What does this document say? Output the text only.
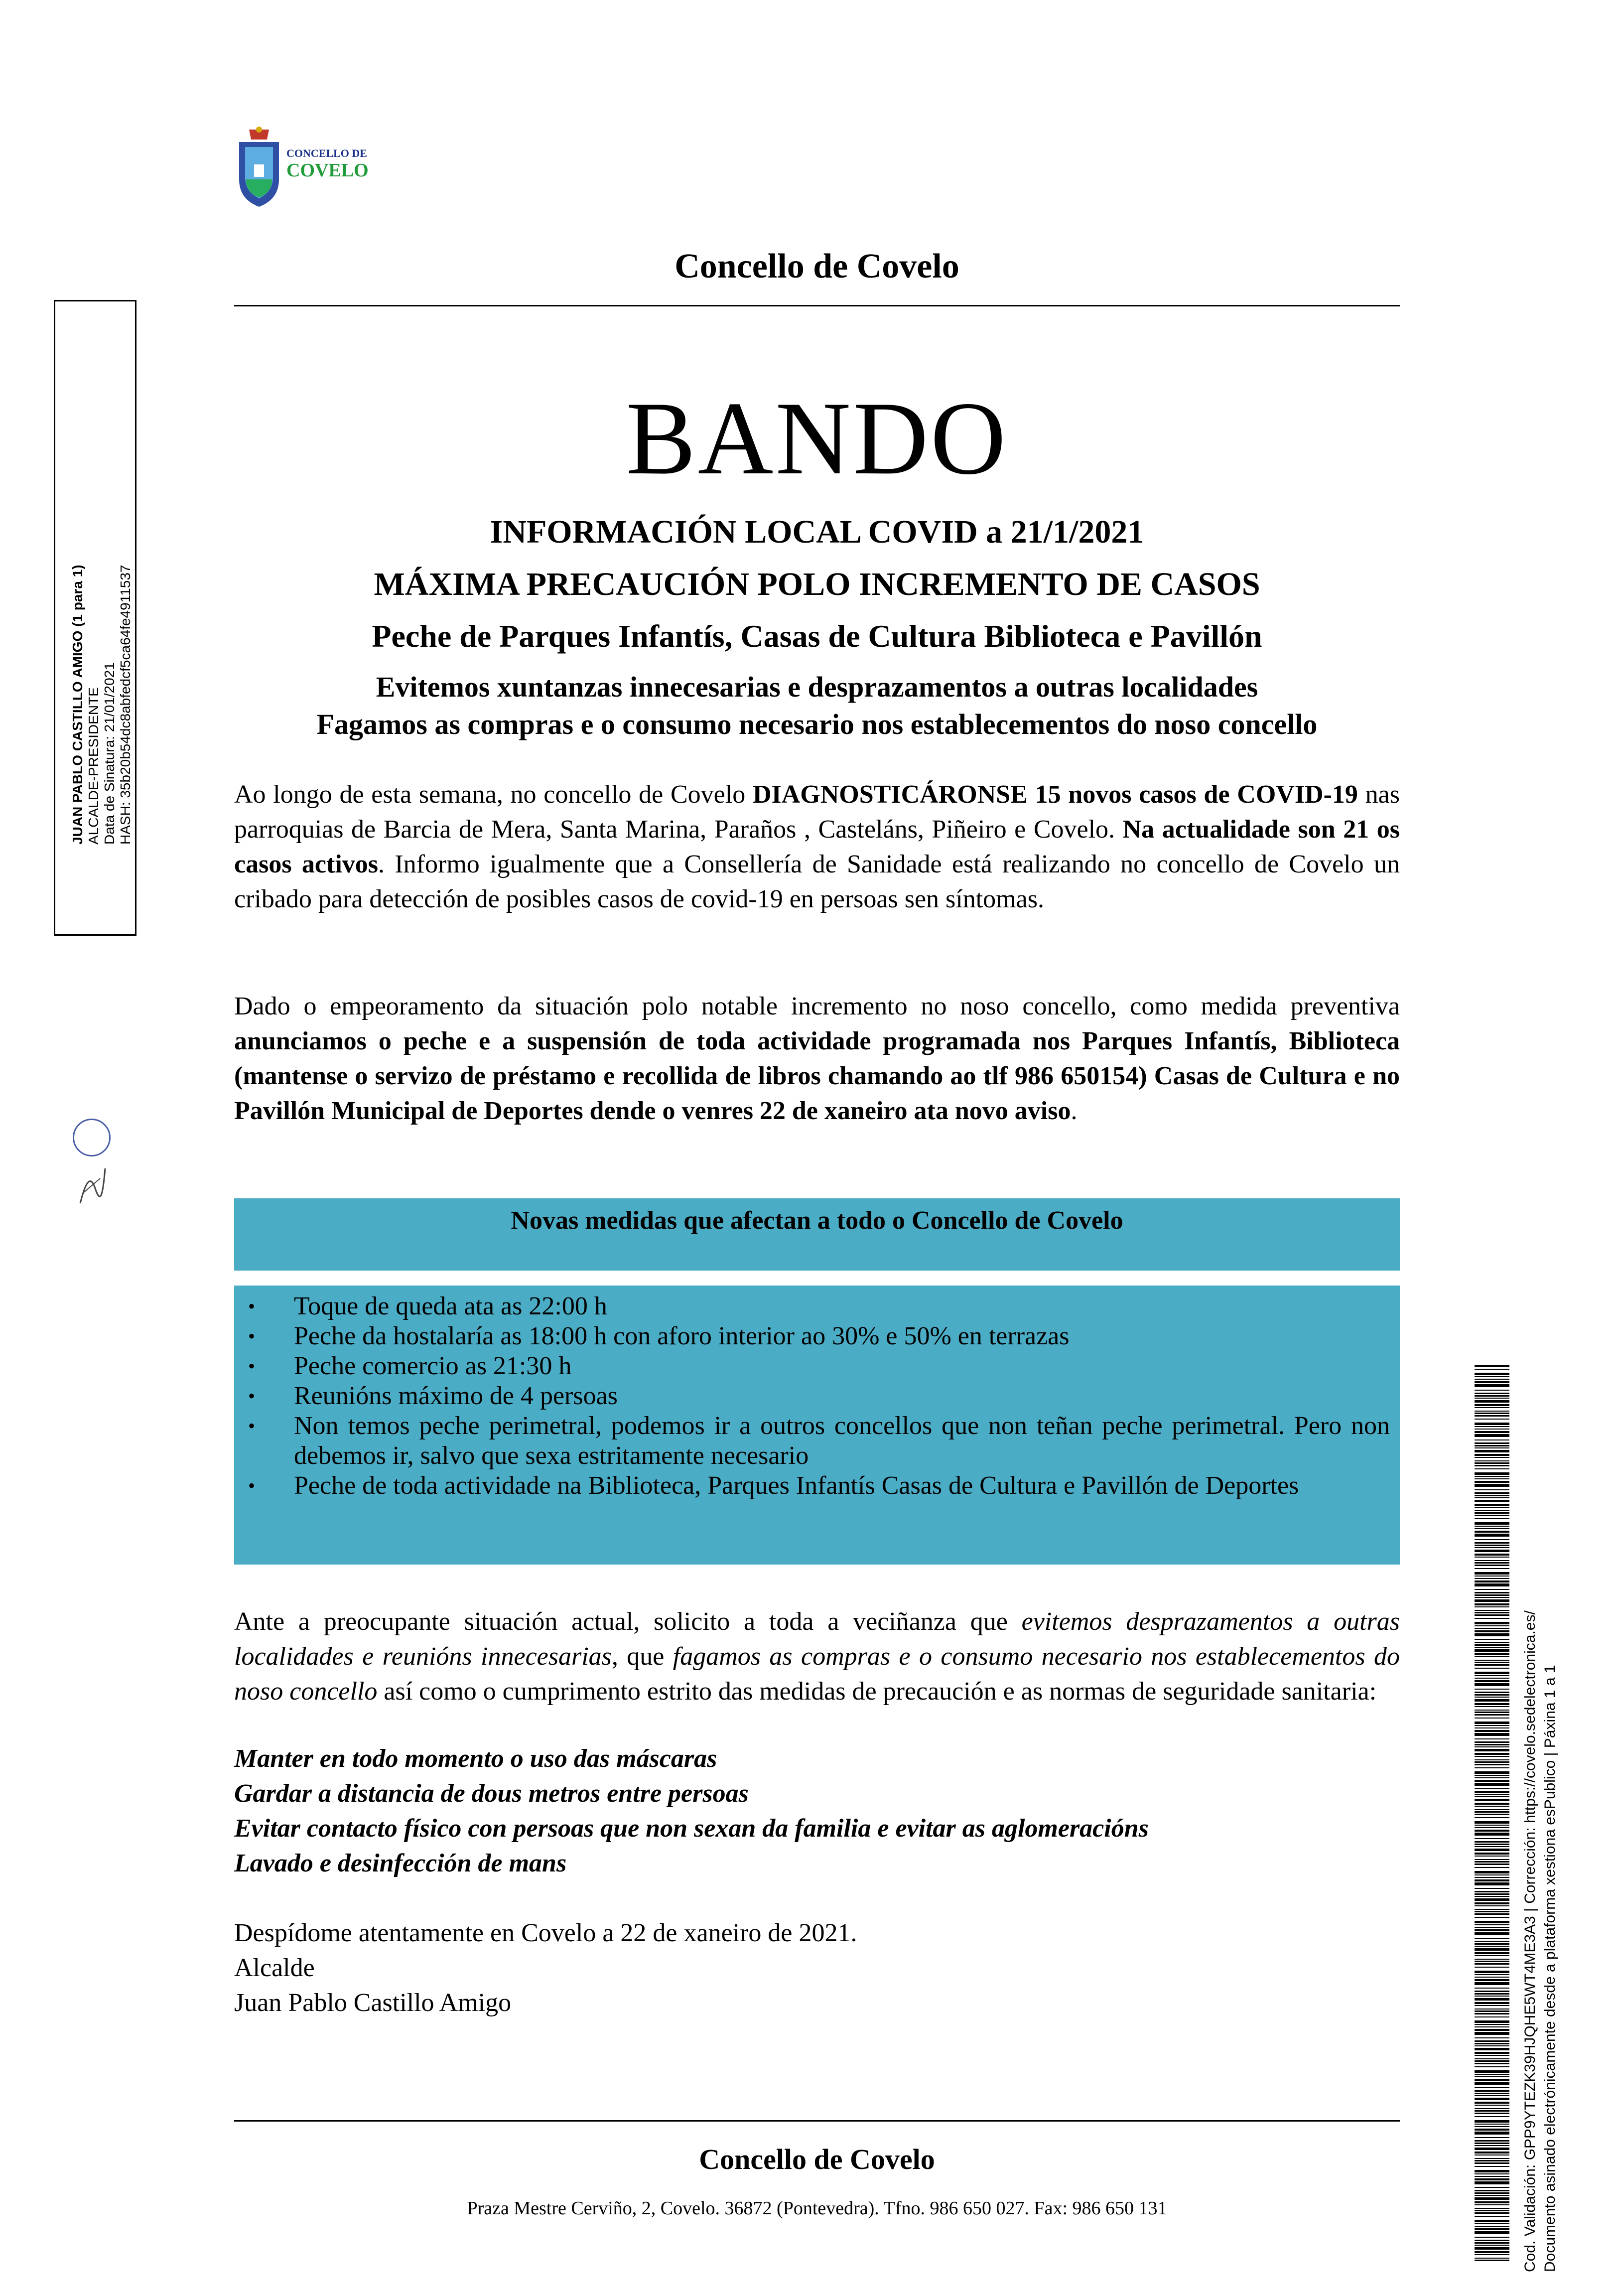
CONCELLO DE
COVELO
Concello de Covelo
BANDO
INFORMACIÓN LOCAL COVID a 21/1/2021
MÁXIMA PRECAUCIÓN POLO INCREMENTO DE CASOS
Peche de Parques Infantís, Casas de Cultura Biblioteca e Pavillón
Evitemos xuntanzas innecesarias e desprazamentos a outras localidades
Fagamos as compras e o consumo necesario nos establecementos do noso concello
Ao longo de esta semana, no concello de Covelo DIAGNOSTICÁRONSE 15 novos casos de COVID-19 nas parroquias de Barcia de Mera, Santa Marina, Paraños , Casteláns, Piñeiro e Covelo. Na actualidade son 21 os casos activos. Informo igualmente que a Consellería de Sanidade está realizando no concello de Covelo un cribado para detección de posibles casos de covid-19 en persoas sen síntomas.
Dado o empeoramento da situación polo notable incremento no noso concello, como medida preventiva anunciamos o peche e a suspensión de toda actividade programada nos Parques Infantís, Biblioteca (mantense o servizo de préstamo e recollida de libros chamando ao tlf 986 650154) Casas de Cultura e no Pavillón Municipal de Deportes dende o venres 22 de xaneiro ata novo aviso.
Novas medidas que afectan a todo o Concello de Covelo
• Toque de queda ata as 22:00 h
• Peche da hostalaría as 18:00 h con aforo interior ao 30% e 50% en terrazas
• Peche comercio as 21:30 h
• Reunións máximo de 4 persoas
• Non temos peche perimetral, podemos ir a outros concellos que non teñan peche perimetral. Pero non debemos ir, salvo que sexa estritamente necesario
• Peche de toda actividade na Biblioteca, Parques Infantís Casas de Cultura e Pavillón de Deportes
Ante a preocupante situación actual, solicito a toda a veciñanza que evitemos desprazamentos a outras localidades e reunións innecesarias, que fagamos as compras e o consumo necesario nos establecementos do noso concello así como o cumprimento estrito das medidas de precaución e as normas de seguridade sanitaria:
Manter en todo momento o uso das máscaras
Gardar a distancia de dous metros entre persoas
Evitar contacto físico con persoas que non sexan da familia e evitar as aglomeracións
Lavado e desinfección de mans
Despídome atentamente en Covelo a 22 de xaneiro de 2021.
Alcalde
Juan Pablo Castillo Amigo
Concello de Covelo
Praza Mestre Cerviño, 2, Covelo. 36872 (Pontevedra). Tfno. 986 650 027. Fax: 986 650 131
JUAN PABLO CASTILLO AMIGO (1 para 1) ALCALDE-PRESIDENTE Data de Sinatura: 21/01/2021 HASH: 35b20b54dc8abfedcf5ca64fe4911537
Cod. Validación: GPP9YTEZK39HJQHE5WT4ME3A3 | Corrección: https://covelo.sedelectronica.es/ Documento asinado electrónicamente desde a plataforma xestiona esPublico | Páxina 1 a 1
